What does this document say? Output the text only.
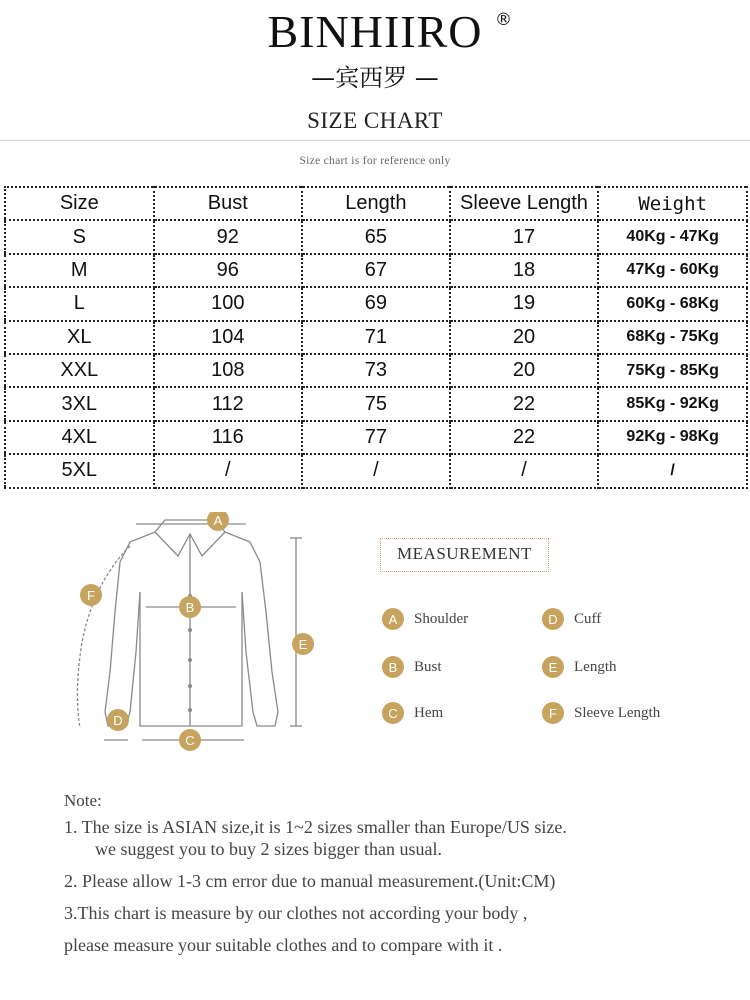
BINHIIRO ®
—宾西罗 —
SIZE CHART
Size chart is for reference only
Size	Bust	Length	Sleeve Length	Weight
S	92	65	17	40Kg - 47Kg
M	96	67	18	47Kg - 60Kg
L	100	69	19	60Kg - 68Kg
XL	104	71	20	68Kg - 75Kg
XXL	108	73	20	75Kg - 85Kg
3XL	112	75	22	85Kg - 92Kg
4XL	116	77	22	92Kg - 98Kg
5XL	/	/	/	/
A
B
C
D
E
F
MEASUREMENT
A	Shoulder
B	Bust
C	Hem
D	Cuff
E	Length
F	Sleeve Length
Note:
1. The size is ASIAN size,it is 1~2 sizes smaller than Europe/US size.
we suggest you to buy 2 sizes bigger than usual.
2. Please allow 1-3 cm error due to manual measurement.(Unit:CM)
3.This chart is measure by our clothes not according your body ,
please measure your suitable clothes and to compare with it .
